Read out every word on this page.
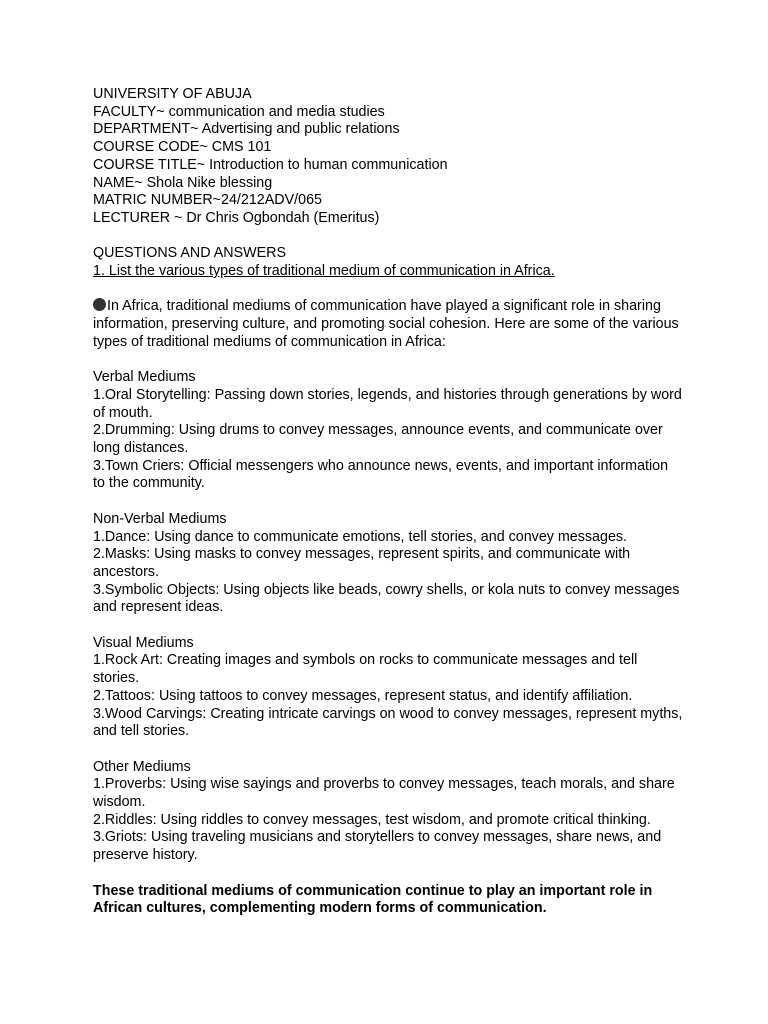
UNIVERSITY OF ABUJA
FACULTY~ communication and media studies
DEPARTMENT~ Advertising and public relations
COURSE CODE~ CMS 101
COURSE TITLE~ Introduction to human communication
NAME~ Shola Nike blessing
MATRIC NUMBER~24/212ADV/065
LECTURER ~ Dr Chris Ogbondah (Emeritus)
QUESTIONS AND ANSWERS
1. List the various types of traditional medium of communication in Africa.
In Africa, traditional mediums of communication have played a significant role in sharing information, preserving culture, and promoting social cohesion. Here are some of the various types of traditional mediums of communication in Africa:
Verbal Mediums
1.Oral Storytelling: Passing down stories, legends, and histories through generations by word of mouth.
2.Drumming: Using drums to convey messages, announce events, and communicate over long distances.
3.Town Criers: Official messengers who announce news, events, and important information to the community.
Non-Verbal Mediums
1.Dance: Using dance to communicate emotions, tell stories, and convey messages.
2.Masks: Using masks to convey messages, represent spirits, and communicate with ancestors.
3.Symbolic Objects: Using objects like beads, cowry shells, or kola nuts to convey messages and represent ideas.
Visual Mediums
1.Rock Art: Creating images and symbols on rocks to communicate messages and tell stories.
2.Tattoos: Using tattoos to convey messages, represent status, and identify affiliation.
3.Wood Carvings: Creating intricate carvings on wood to convey messages, represent myths, and tell stories.
Other Mediums
1.Proverbs: Using wise sayings and proverbs to convey messages, teach morals, and share wisdom.
2.Riddles: Using riddles to convey messages, test wisdom, and promote critical thinking.
3.Griots: Using traveling musicians and storytellers to convey messages, share news, and preserve history.
These traditional mediums of communication continue to play an important role in African cultures, complementing modern forms of communication.
